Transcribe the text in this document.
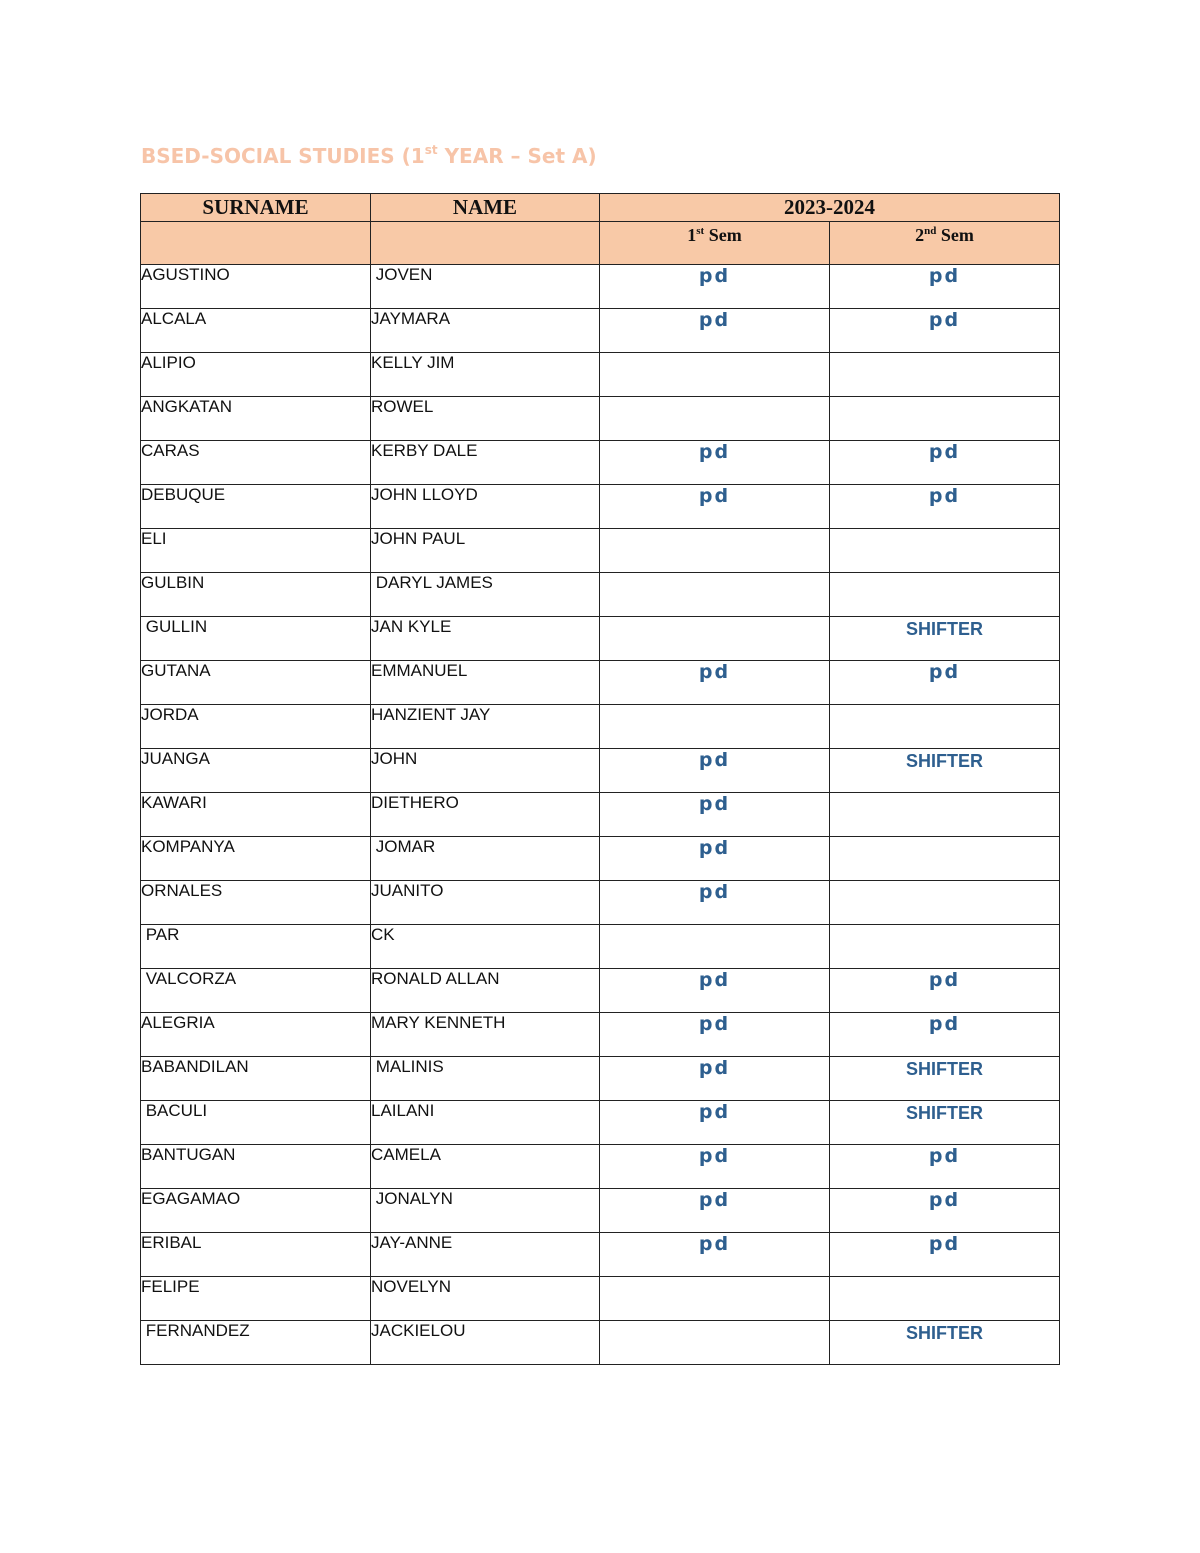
BSED-SOCIAL STUDIES (1st YEAR – Set A)
SURNAME	NAME	2023-2024	
		1st Sem	2nd Sem
AGUSTINO	JOVEN	pd	pd
ALCALA	JAYMARA	pd	pd
ALIPIO	KELLY JIM		
ANGKATAN	ROWEL		
CARAS	KERBY DALE	pd	pd
DEBUQUE	JOHN LLOYD	pd	pd
ELI	JOHN PAUL		
GULBIN	DARYL JAMES		
GULLIN	JAN KYLE		SHIFTER
GUTANA	EMMANUEL	pd	pd
JORDA	HANZIENT JAY		
JUANGA	JOHN	pd	SHIFTER
KAWARI	DIETHERO	pd	
KOMPANYA	JOMAR	pd	
ORNALES	JUANITO	pd	
PAR	CK		
VALCORZA	RONALD ALLAN	pd	pd
ALEGRIA	MARY KENNETH	pd	pd
BABANDILAN	MALINIS	pd	SHIFTER
BACULI	LAILANI	pd	SHIFTER
BANTUGAN	CAMELA	pd	pd
EGAGAMAO	JONALYN	pd	pd
ERIBAL	JAY-ANNE	pd	pd
FELIPE	NOVELYN		
FERNANDEZ	JACKIELOU		SHIFTER
